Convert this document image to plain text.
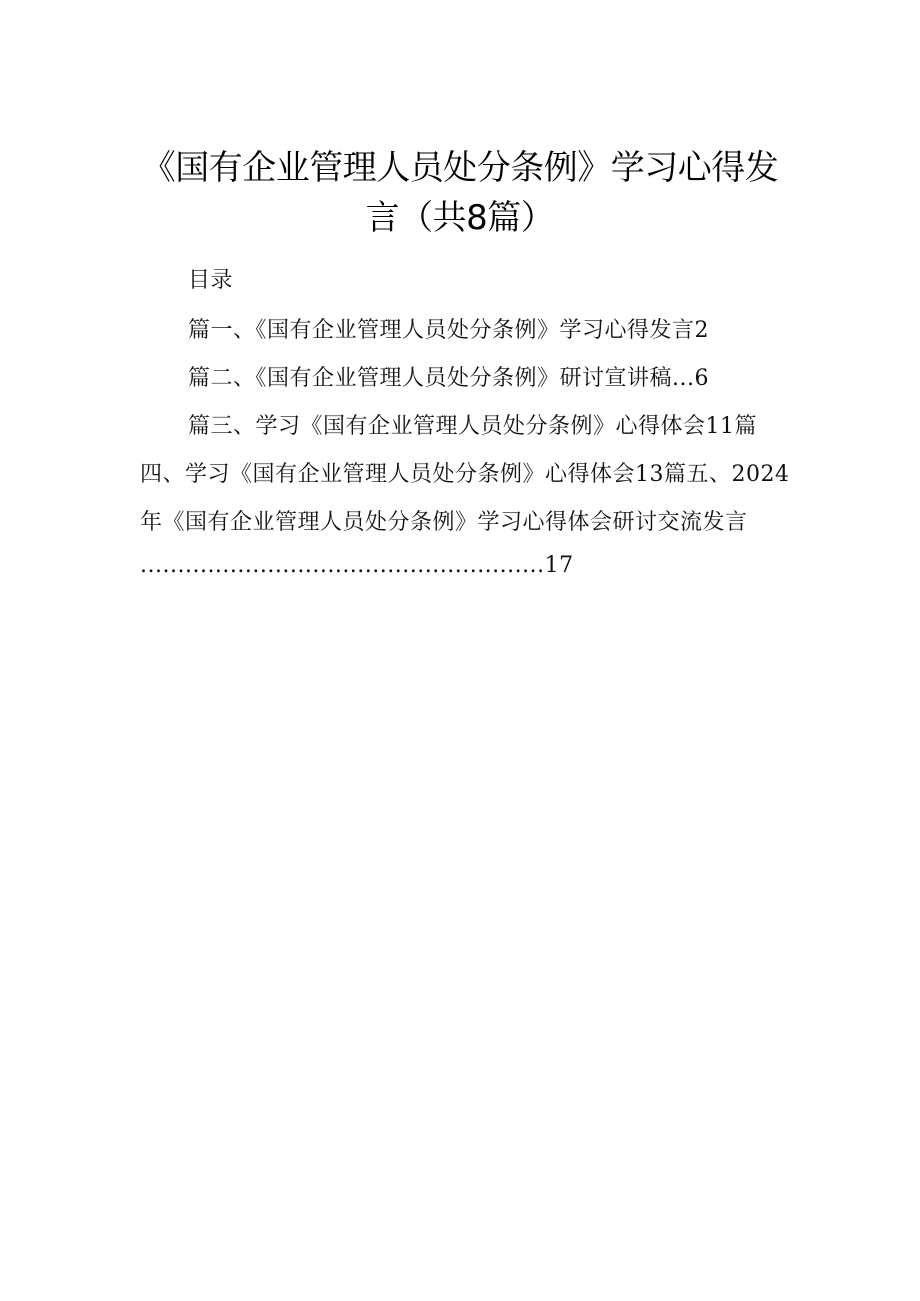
《国有企业管理人员处分条例》学习心得发
言（共8篇）
目录
篇一、《国有企业管理人员处分条例》学习心得发言2
篇二、《国有企业管理人员处分条例》研讨宣讲稿...6
篇三、学习《国有企业管理人员处分条例》心得体会11篇
四、学习《国有企业管理人员处分条例》心得体会13篇五、2024
年《国有企业管理人员处分条例》学习心得体会研讨交流发言
......................................................17
